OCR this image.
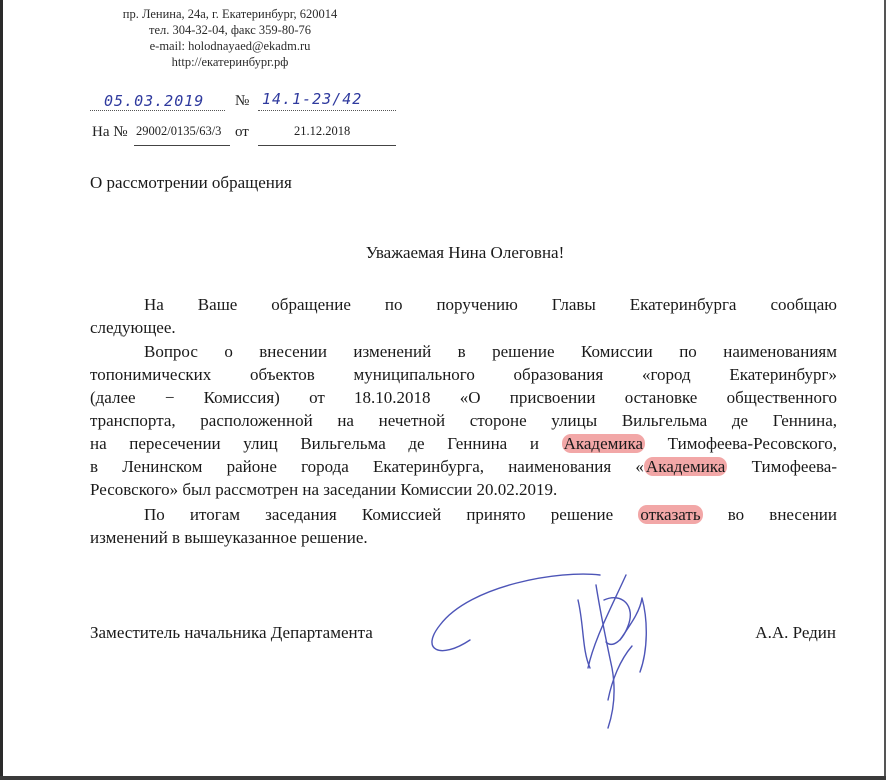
пр. Ленина, 24а, г. Екатеринбург, 620014
тел. 304-32-04, факс 359-80-76
e-mail: holodnayaed@ekadm.ru
http://екатеринбург.рф
05.03.2019 № 14.1-23/42
На № 29002/0135/63/3 от	21.12.2018
О рассмотрении обращения
Уважаемая Нина Олеговна!
На Ваше обращение по поручению Главы Екатеринбурга сообщаю
следующее.
Вопрос о внесении изменений в решение Комиссии по наименованиям
топонимических объектов муниципального образования «город Екатеринбург»
(далее − Комиссия) от 18.10.2018 «О присвоении остановке общественного
транспорта, расположенной на нечетной стороне улицы Вильгельма де Геннина,
на пересечении улиц Вильгельма де Геннина и Академика Тимофеева-Ресовского,
в Ленинском районе города Екатеринбурга, наименования « Академика Тимофеева-
Ресовского» был рассмотрен на заседании Комиссии 20.02.2019.
По итогам заседания Комиссией принято решение отказать во внесении
изменений в вышеуказанное решение.
Заместитель начальника Департамента	А.А. Редин
